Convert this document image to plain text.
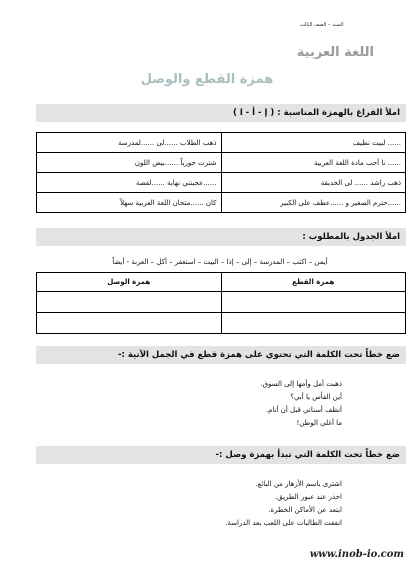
السند – الصف الثالث
اللغة العربية
همزة القطع والوصل
املأ الفراغ بالهمزة المناسبة : ( إ - أ - ا )
...... لبيت نظيف	ذهب الطلاب ......لى ......لمدرسة
...... نا أحب مادة اللغة العربية	شترت جورباً ......بيض اللون
ذهب راشد ...... لى الحديقة	......عجبتني نهاية ......لقصة
......حترم الصغير و ......عطف على الكبير	كان ......متحان اللغة العربية سهلاً
املأ الجدول بالمطلوب :
أيمن – اكتب – المدرسة – إلى – إذا – البيت – استغفر – أكل – العربة - أيضاً
همزة القطع	همزة الوصل

ضع خطاً تحت الكلمة التي تحتوي على همزة قطع في الجمل الآتية :-
ذهبت أمل وأمها إلى السوق.
أين الفأس يا أبي؟
أنظف أسناني قبل أن أنام.
ما أغلى الوطن!
ضع خطاً تحت الكلمة التي تبدأ بهمزة وصل :-
اشترى باسم الأزهار من البائع.
احذر عند عبور الطريق.
ابتعد عن الأماكن الخطرة.
انفقت الطالبات على اللعب بعد الدراسة.
www.inob-io.com
